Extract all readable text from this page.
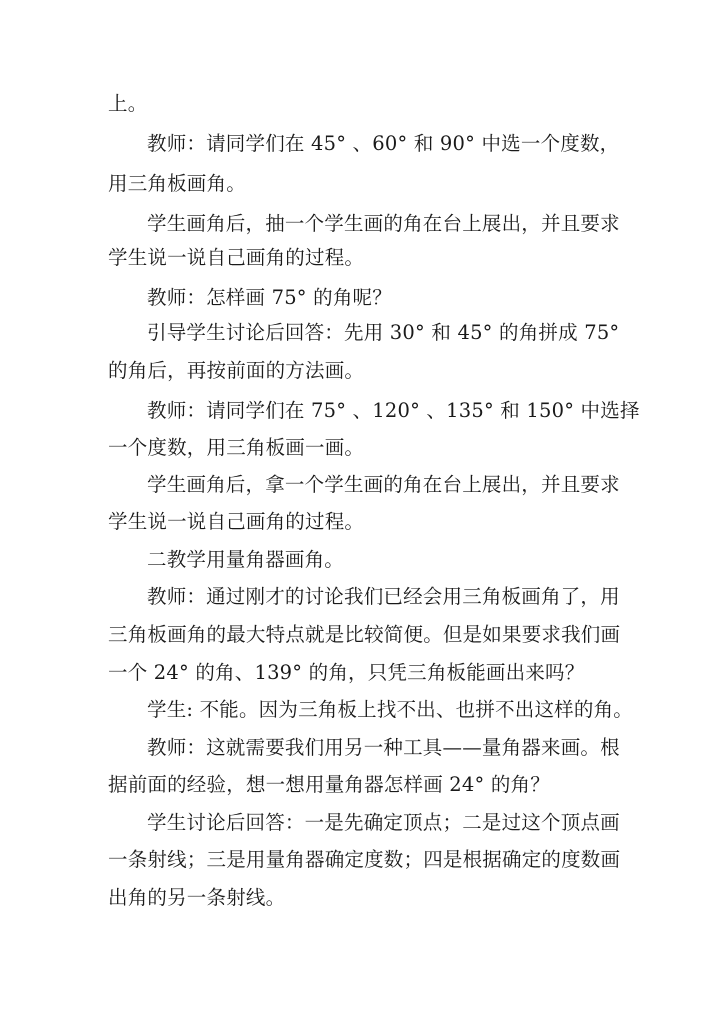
上。
教师：请同学们在 45° 、60° 和 90° 中选一个度数，
用三角板画角。
学生画角后，抽一个学生画的角在台上展出，并且要求
学生说一说自己画角的过程。
教师：怎样画 75° 的角呢？
引导学生讨论后回答：先用 30° 和 45° 的角拼成 75°
的角后，再按前面的方法画。
教师：请同学们在 75° 、120° 、135° 和 150° 中选择
一个度数，用三角板画一画。
学生画角后，拿一个学生画的角在台上展出，并且要求
学生说一说自己画角的过程。
二教学用量角器画角。
教师：通过刚才的讨论我们已经会用三角板画角了，用
三角板画角的最大特点就是比较简便。但是如果要求我们画
一个 24° 的角、139° 的角，只凭三角板能画出来吗？
学生: 不能。因为三角板上找不出、也拼不出这样的角。
教师：这就需要我们用另一种工具——量角器来画。根
据前面的经验，想一想用量角器怎样画 24° 的角？
学生讨论后回答：一是先确定顶点；二是过这个顶点画
一条射线；三是用量角器确定度数；四是根据确定的度数画
出角的另一条射线。
